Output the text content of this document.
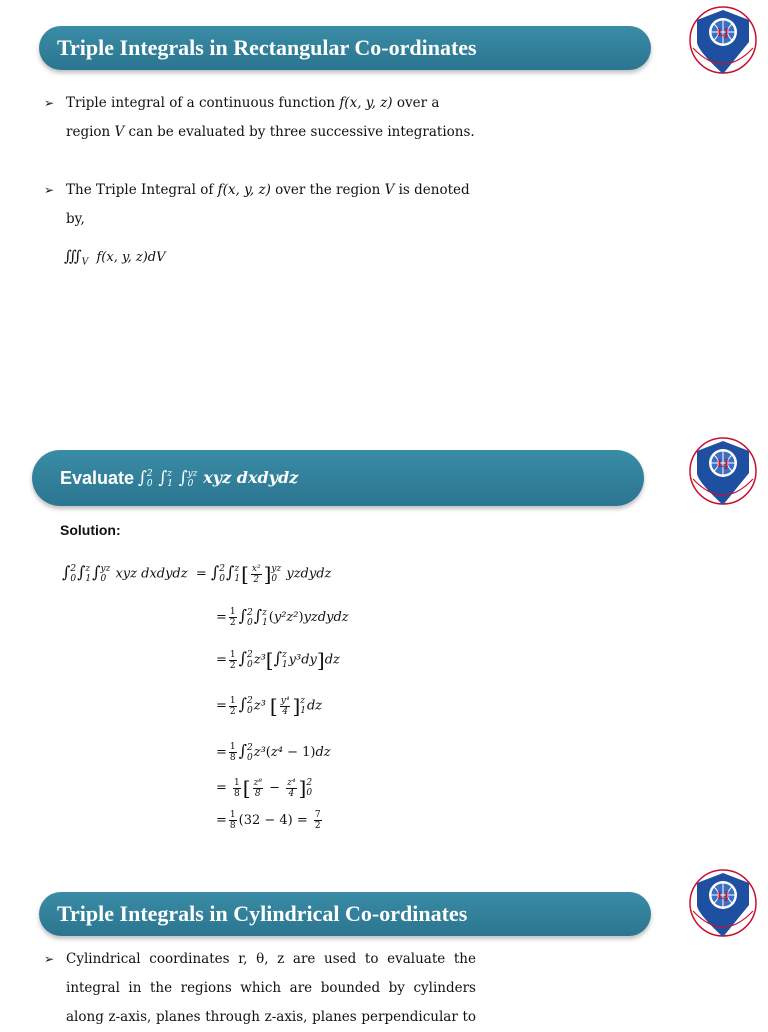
Triple Integrals in Rectangular Co-ordinates
LJ
➢ Triple integral of a continuous function f(x, y, z) over a
region V can be evaluated by three successive integrations.
➢ The Triple Integral of f(x, y, z) over the region V is denoted
by,
$∭_V$ f(x, y, z)dV
Evaluate ∫ 2
0 ∫ z
1 ∫ yz
0 xyz dxdydz
LJ
Solution:
∫ 2
0 ∫ z
1 ∫ yz
0 xyz dxdydz  = ∫ 2
0 ∫ z
1 [ $\frac{\text{x²}}{2}$ ] yz
0 yzdydz
= $\frac{1}{2}$ ∫ 2
0 ∫ z
1 (y²z²)yzdydz
= $\frac{1}{2}$ ∫ 2
0 z³[∫ z
1 y³dy]dz
= $\frac{1}{2}$ ∫ 2
0 z³ [ $\frac{\text{y⁴}}{4}$ ] z
1 dz
= $\frac{1}{8}$ ∫ 2
0 z³(z⁴ − 1)dz
= $\frac{1}{8}$ [ $\frac{\text{z⁸}}{8} - \frac{\text{z⁴}}{4}$ ] 2
0
= $\frac{1}{8} (32 - 4) = \frac{7}{2}$
Triple Integrals in Cylindrical Co-ordinates
LJ
➢ Cylindrical coordinates r, θ, z are used to evaluate the
integral in the regions which are bounded by cylinders
along z-axis, planes through z-axis, planes perpendicular to
